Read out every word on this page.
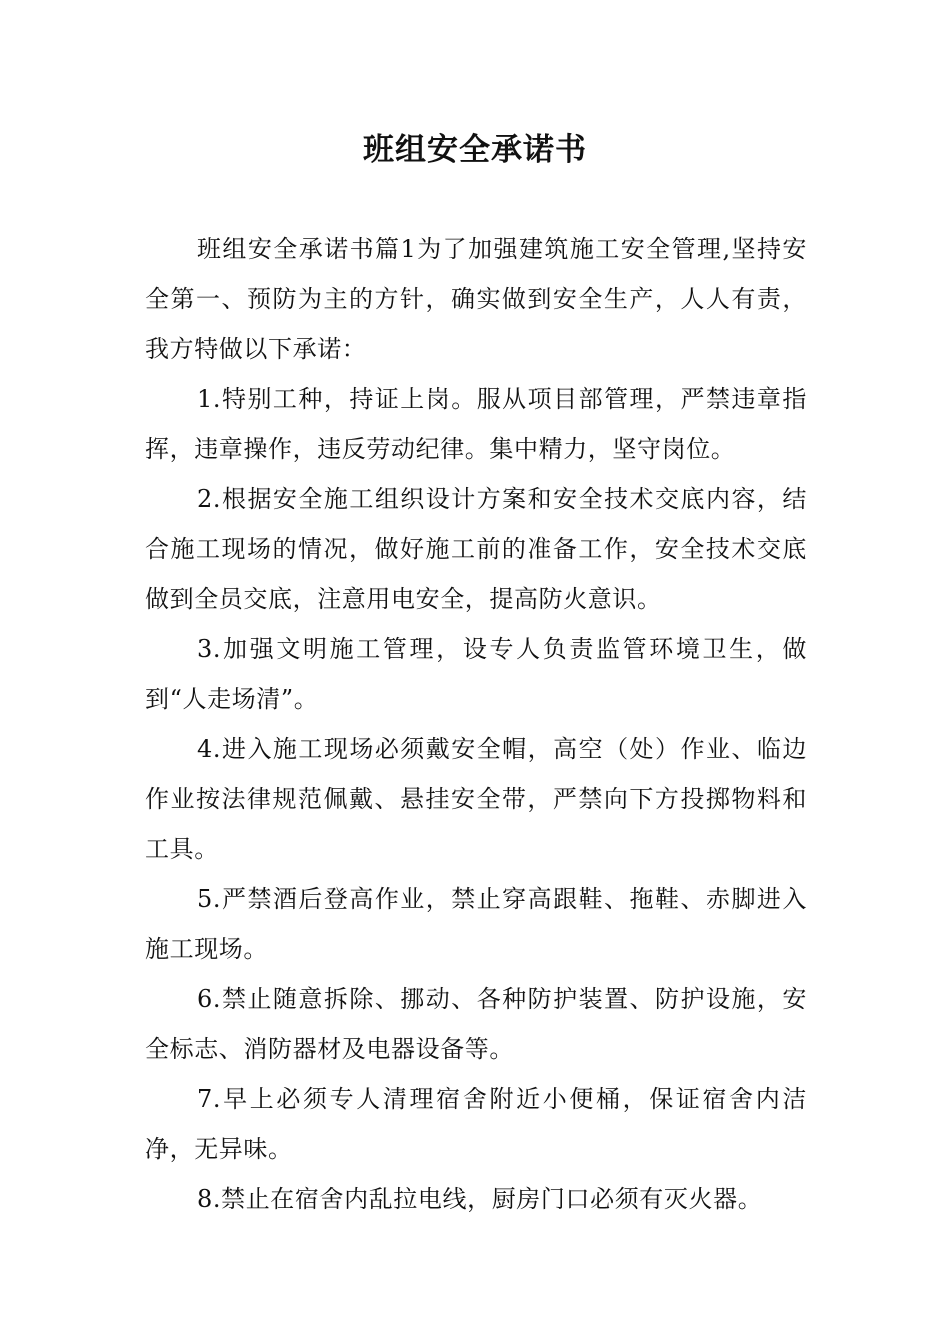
班组安全承诺书

班组安全承诺书篇1为了加强建筑施工安全管理,坚持安全第一、预防为主的方针，确实做到安全生产，人人有责，我方特做以下承诺：

1.特别工种，持证上岗。服从项目部管理，严禁违章指挥，违章操作，违反劳动纪律。集中精力，坚守岗位。

2.根据安全施工组织设计方案和安全技术交底内容，结合施工现场的情况，做好施工前的准备工作，安全技术交底做到全员交底，注意用电安全，提高防火意识。

3.加强文明施工管理，设专人负责监管环境卫生，做到“人走场清”。

4.进入施工现场必须戴安全帽，高空（处）作业、临边作业按法律规范佩戴、悬挂安全带，严禁向下方投掷物料和工具。

5.严禁酒后登高作业，禁止穿高跟鞋、拖鞋、赤脚进入施工现场。

6.禁止随意拆除、挪动、各种防护装置、防护设施，安全标志、消防器材及电器设备等。

7.早上必须专人清理宿舍附近小便桶，保证宿舍内洁净，无异味。

8.禁止在宿舍内乱拉电线，厨房门口必须有灭火器。
